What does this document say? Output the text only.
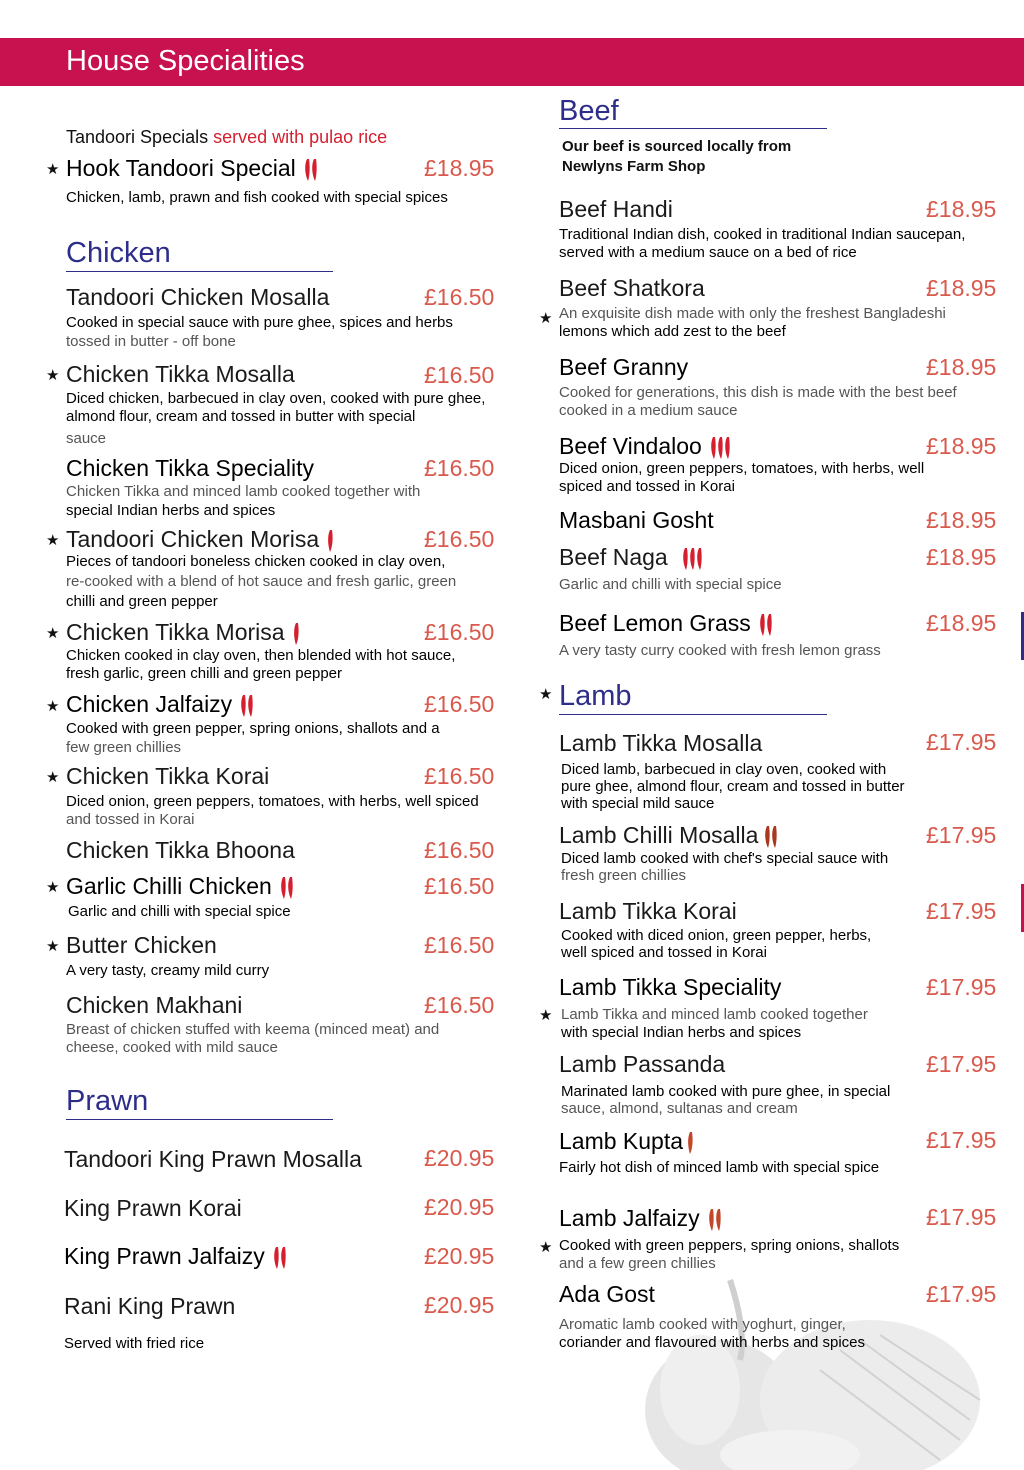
House Specialities
Tandoori Specials served with pulao rice
★ Hook Tandoori Special	£18.95
Chicken, lamb, prawn and fish cooked with special spices
Chicken
Tandoori Chicken Mosalla	£16.50
Cooked in special sauce with pure ghee, spices and herbs
tossed in butter - off bone
★ Chicken Tikka Mosalla	£16.50
Diced chicken, barbecued in clay oven, cooked with pure ghee, almond flour, cream and tossed in butter with special
sauce
Chicken Tikka Speciality	£16.50
Chicken Tikka and minced lamb cooked together with
special Indian herbs and spices
★ Tandoori Chicken Morisa	£16.50
Pieces of tandoori boneless chicken cooked in clay oven,
re-cooked with a blend of hot sauce and fresh garlic, green
chilli and green pepper
★ Chicken Tikka Morisa	£16.50
Chicken cooked in clay oven, then blended with hot sauce, fresh garlic, green chilli and green pepper
★ Chicken Jalfaizy	£16.50
Cooked with green pepper, spring onions, shallots and a
few green chillies
★ Chicken Tikka Korai	£16.50
Diced onion, green peppers, tomatoes, with herbs, well spiced
and tossed in Korai
Chicken Tikka Bhoona	£16.50
★ Garlic Chilli Chicken	£16.50
Garlic and chilli with special spice
★ Butter Chicken	£16.50
A very tasty, creamy mild curry
Chicken Makhani	£16.50
Breast of chicken stuffed with keema (minced meat) and cheese, cooked with mild sauce
Prawn
Tandoori King Prawn Mosalla	£20.95
King Prawn Korai	£20.95
King Prawn Jalfaizy	£20.95
Rani King Prawn	£20.95
Served with fried rice
Beef
Our beef is sourced locally from Newlyns Farm Shop
Beef Handi	£18.95
Traditional Indian dish, cooked in traditional Indian saucepan, served with a medium sauce on a bed of rice
Beef Shatkora	£18.95
★ An exquisite dish made with only the freshest Bangladeshi
lemons which add zest to the beef
Beef Granny	£18.95
Cooked for generations, this dish is made with the best beef cooked in a medium sauce
Beef Vindaloo	£18.95
Diced onion, green peppers, tomatoes, with herbs, well spiced and tossed in Korai
Masbani Gosht	£18.95
Beef Naga	£18.95
Garlic and chilli with special spice
Beef Lemon Grass	£18.95
A very tasty curry cooked with fresh lemon grass
★ Lamb
Lamb Tikka Mosalla	£17.95
Diced lamb, barbecued in clay oven, cooked with pure ghee, almond flour, cream and tossed in butter with special mild sauce
Lamb Chilli Mosalla	£17.95
Diced lamb cooked with chef's special sauce with
fresh green chillies
Lamb Tikka Korai	£17.95
Cooked with diced onion, green pepper, herbs, well spiced and tossed in Korai
Lamb Tikka Speciality	£17.95
★ Lamb Tikka and minced lamb cooked together
with special Indian herbs and spices
Lamb Passanda	£17.95
Marinated lamb cooked with pure ghee, in special
sauce, almond, sultanas and cream
Lamb Kupta	£17.95
Fairly hot dish of minced lamb with special spice
Lamb Jalfaizy	£17.95
★ Cooked with green peppers, spring onions, shallots
and a few green chillies
Ada Gost	£17.95
Aromatic lamb cooked with yoghurt, ginger,
coriander and flavoured with herbs and spices
